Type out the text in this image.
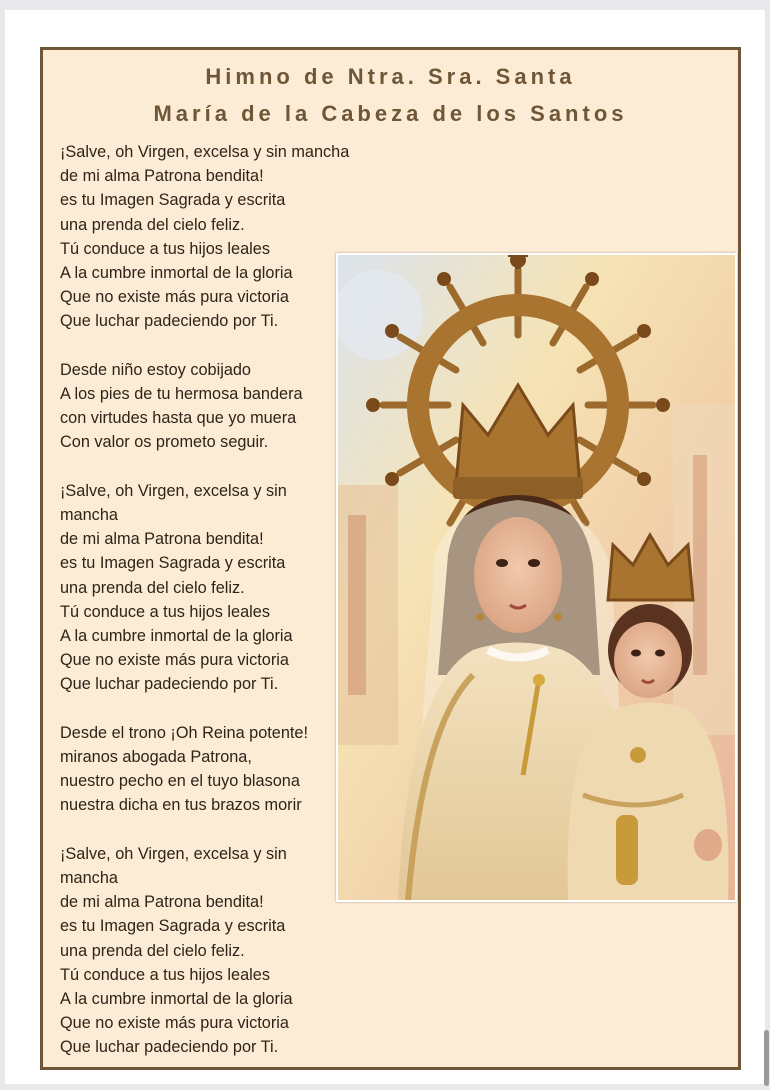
Himno de Ntra. Sra. Santa
María de la Cabeza de los Santos
¡Salve, oh Virgen, excelsa y sin mancha
de mi alma Patrona bendita!
es tu Imagen Sagrada y escrita
una prenda del cielo feliz.
Tú conduce a tus hijos leales
A la cumbre inmortal de la gloria
Que no existe más pura victoria
Que luchar padeciendo por Ti.
Desde niño estoy cobijado
A los pies de tu hermosa bandera
con virtudes hasta que yo muera
Con valor os prometo seguir.
¡Salve, oh Virgen, excelsa y sin
mancha
de mi alma Patrona bendita!
es tu Imagen Sagrada y escrita
una prenda del cielo feliz.
Tú conduce a tus hijos leales
A la cumbre inmortal de la gloria
Que no existe más pura victoria
Que luchar padeciendo por Ti.
Desde el trono ¡Oh Reina potente!
miranos abogada Patrona,
nuestro pecho en el tuyo blasona
nuestra dicha en tus brazos morir
¡Salve, oh Virgen, excelsa y sin
mancha
de mi alma Patrona bendita!
es tu Imagen Sagrada y escrita
una prenda del cielo feliz.
Tú conduce a tus hijos leales
A la cumbre inmortal de la gloria
Que no existe más pura victoria
Que luchar padeciendo por Ti.
